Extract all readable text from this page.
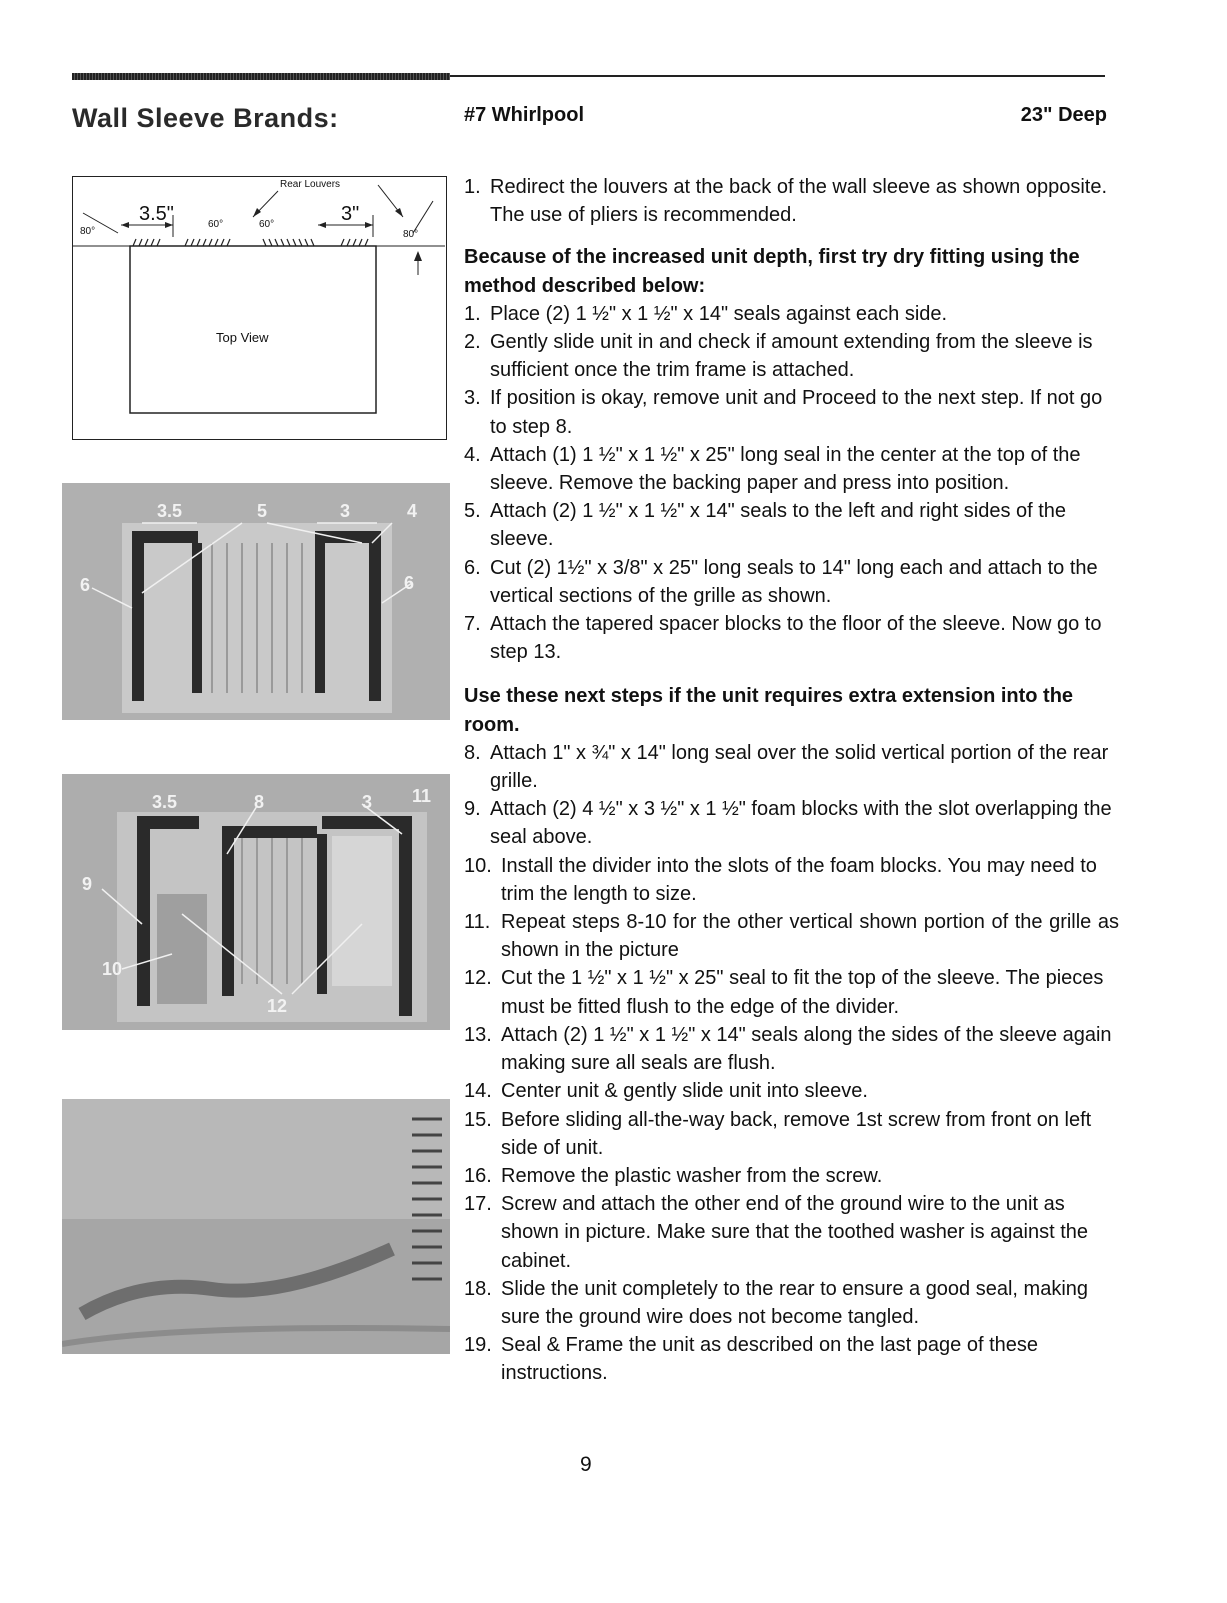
Wall Sleeve Brands:	#7 Whirlpool	23" Deep
Rear Louvers
3.5"	3"
80°
60°	60°
80°
Top View
3.5	5	3	4
6	6
3.5	8	3 11
9
10
12
1. Redirect the louvers at the back of the wall sleeve as shown opposite. The use of pliers is recommended.

Because of the increased unit depth, first try dry fitting using the method described below:

1. Place (2) 1 ½" x 1 ½" x 14" seals against each side.
2. Gently slide unit in and check if amount extending from the sleeve is sufficient once the trim frame is attached.
3. If position is okay, remove unit and Proceed to the next step. If not go to step 8.
4. Attach (1) 1 ½" x 1 ½" x 25" long seal in the center at the top of the sleeve. Remove the backing paper and press into position.
5. Attach (2) 1 ½" x 1 ½" x 14" seals to the left and right sides of the sleeve.
6. Cut (2) 1½" x 3/8" x 25" long seals to 14" long each and attach to the vertical sections of the grille as shown.
7. Attach the tapered spacer blocks to the floor of the sleeve. Now go to step 13.

Use these next steps if the unit requires extra extension into the room.

8. Attach 1" x ¾" x 14" long seal over the solid vertical portion of the rear grille.
9. Attach (2) 4 ½" x 3 ½" x 1 ½" foam blocks with the slot overlapping the seal above.
10. Install the divider into the slots of the foam blocks. You may need to trim the length to size.
11. Repeat steps 8-10 for the other vertical shown portion of the grille as shown in the picture
12. Cut the 1 ½" x 1 ½" x 25" seal to fit the top of the sleeve. The pieces must be fitted flush to the edge of the divider.
13. Attach (2) 1 ½" x 1 ½" x 14" seals along the sides of the sleeve again making sure all seals are flush.
14. Center unit & gently slide unit into sleeve.
15. Before sliding all-the-way back, remove 1st screw from front on left side of unit.
16. Remove the plastic washer from the screw.
17. Screw and attach the other end of the ground wire to the unit as shown in picture. Make sure that the toothed washer is against the cabinet.
18. Slide the unit completely to the rear to ensure a good seal, making sure the ground wire does not become tangled.
19. Seal & Frame the unit as described on the last page of these instructions.
9
